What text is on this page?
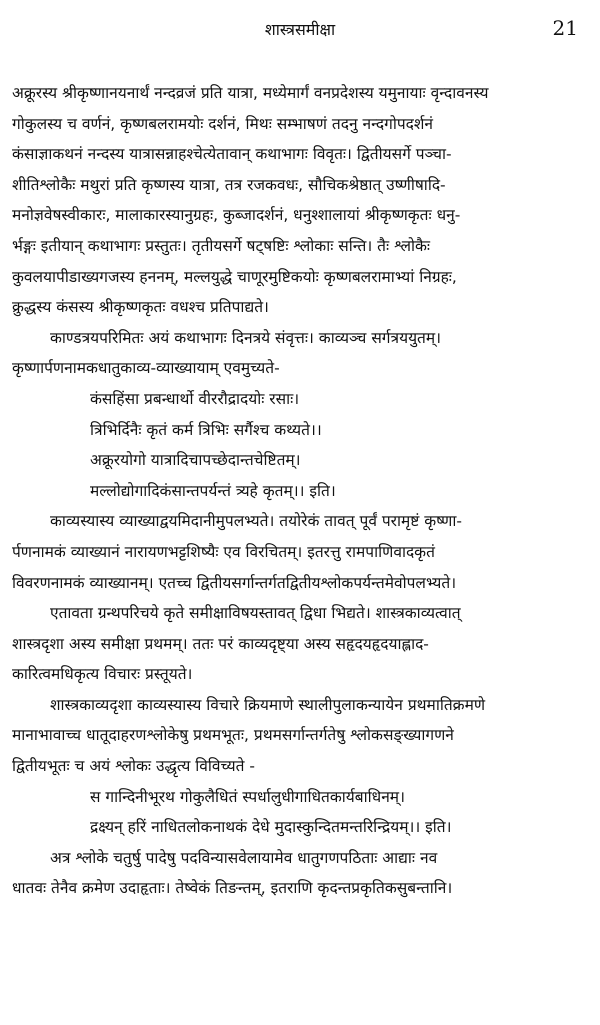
शास्त्रसमीक्षा	21
अक्रूरस्य श्रीकृष्णानयनार्थं नन्दव्रजं प्रति यात्रा, मध्येमार्गं वनप्रदेशस्य यमुनायाः वृन्दावनस्य
गोकुलस्य च वर्णनं, कृष्णबलरामयोः दर्शनं, मिथः सम्भाषणं तदनु नन्दगोपदर्शनं
कंसाज्ञाकथनं नन्दस्य यात्रासन्नाहश्चेत्येतावान् कथाभागः विवृतः। द्वितीयसर्गे पञ्चा-
शीतिश्लोकैः मथुरां प्रति कृष्णस्य यात्रा, तत्र रजकवधः, सौचिकश्रेष्ठात् उष्णीषादि-
मनोज्ञवेषस्वीकारः, मालाकारस्यानुग्रहः, कुब्जादर्शनं, धनुश्शालायां श्रीकृष्णकृतः धनु-
र्भङ्गः इतीयान् कथाभागः प्रस्तुतः। तृतीयसर्गे षट्षष्टिः श्लोकाः सन्ति। तैः श्लोकैः
कुवलयापीडाख्यगजस्य हननम्, मल्लयुद्धे चाणूरमुष्टिकयोः कृष्णबलरामाभ्यां निग्रहः,
क्रुद्धस्य कंसस्य श्रीकृष्णकृतः वधश्च प्रतिपाद्यते।
काण्डत्रयपरिमितः अयं कथाभागः दिनत्रये संवृत्तः। काव्यञ्च सर्गत्रययुतम्।
कृष्णार्पणनामकधातुकाव्य-व्याख्यायाम् एवमुच्यते-
कंसहिंसा प्रबन्धार्थो वीररौद्रादयोः रसाः।
त्रिभिर्दिनैः कृतं कर्म त्रिभिः सर्गैश्च कथ्यते।।
अक्रूरयोगो यात्रादिचापच्छेदान्तचेष्टितम्।
मल्लोद्योगादिकंसान्तपर्यन्तं त्र्यहे कृतम्।। इति।
काव्यस्यास्य व्याख्याद्वयमिदानीमुपलभ्यते। तयोरेकं तावत् पूर्वं परामृष्टं कृष्णा-
र्पणनामकं व्याख्यानं नारायणभट्टशिष्यैः एव विरचितम्। इतरत्तु रामपाणिवादकृतं
विवरणनामकं व्याख्यानम्। एतच्च द्वितीयसर्गान्तर्गतद्वितीयश्लोकपर्यन्तमेवोपलभ्यते।
एतावता ग्रन्थपरिचये कृते समीक्षाविषयस्तावत् द्विधा भिद्यते। शास्त्रकाव्यत्वात्
शास्त्रदृशा अस्य समीक्षा प्रथमम्। ततः परं काव्यदृष्ट्या अस्य सहृदयहृदयाह्लाद-
कारित्वमधिकृत्य विचारः प्रस्तूयते।
शास्त्रकाव्यदृशा काव्यस्यास्य विचारे क्रियमाणे स्थालीपुलाकन्यायेन प्रथमातिक्रमणे
मानाभावाच्च धातूदाहरणश्लोकेषु प्रथमभूतः, प्रथमसर्गान्तर्गतेषु श्लोकसङ्ख्यागणने
द्वितीयभूतः च अयं श्लोकः उद्धृत्य विविच्यते -
स गान्दिनीभूरथ गोकुलैधितं स्पर्धालुधीगाधितकार्यबाधिनम्।
द्रक्ष्यन् हरिं नाधितलोकनाथकं देधे मुदास्कुन्दितमन्तरिन्द्रियम्।। इति।
अत्र श्लोके चतुर्षु पादेषु पदविन्यासवेलायामेव धातुगणपठिताः आद्याः नव
धातवः तेनैव क्रमेण उदाहृताः। तेष्वेकं तिङन्तम्, इतराणि कृदन्तप्रकृतिकसुबन्तानि।
